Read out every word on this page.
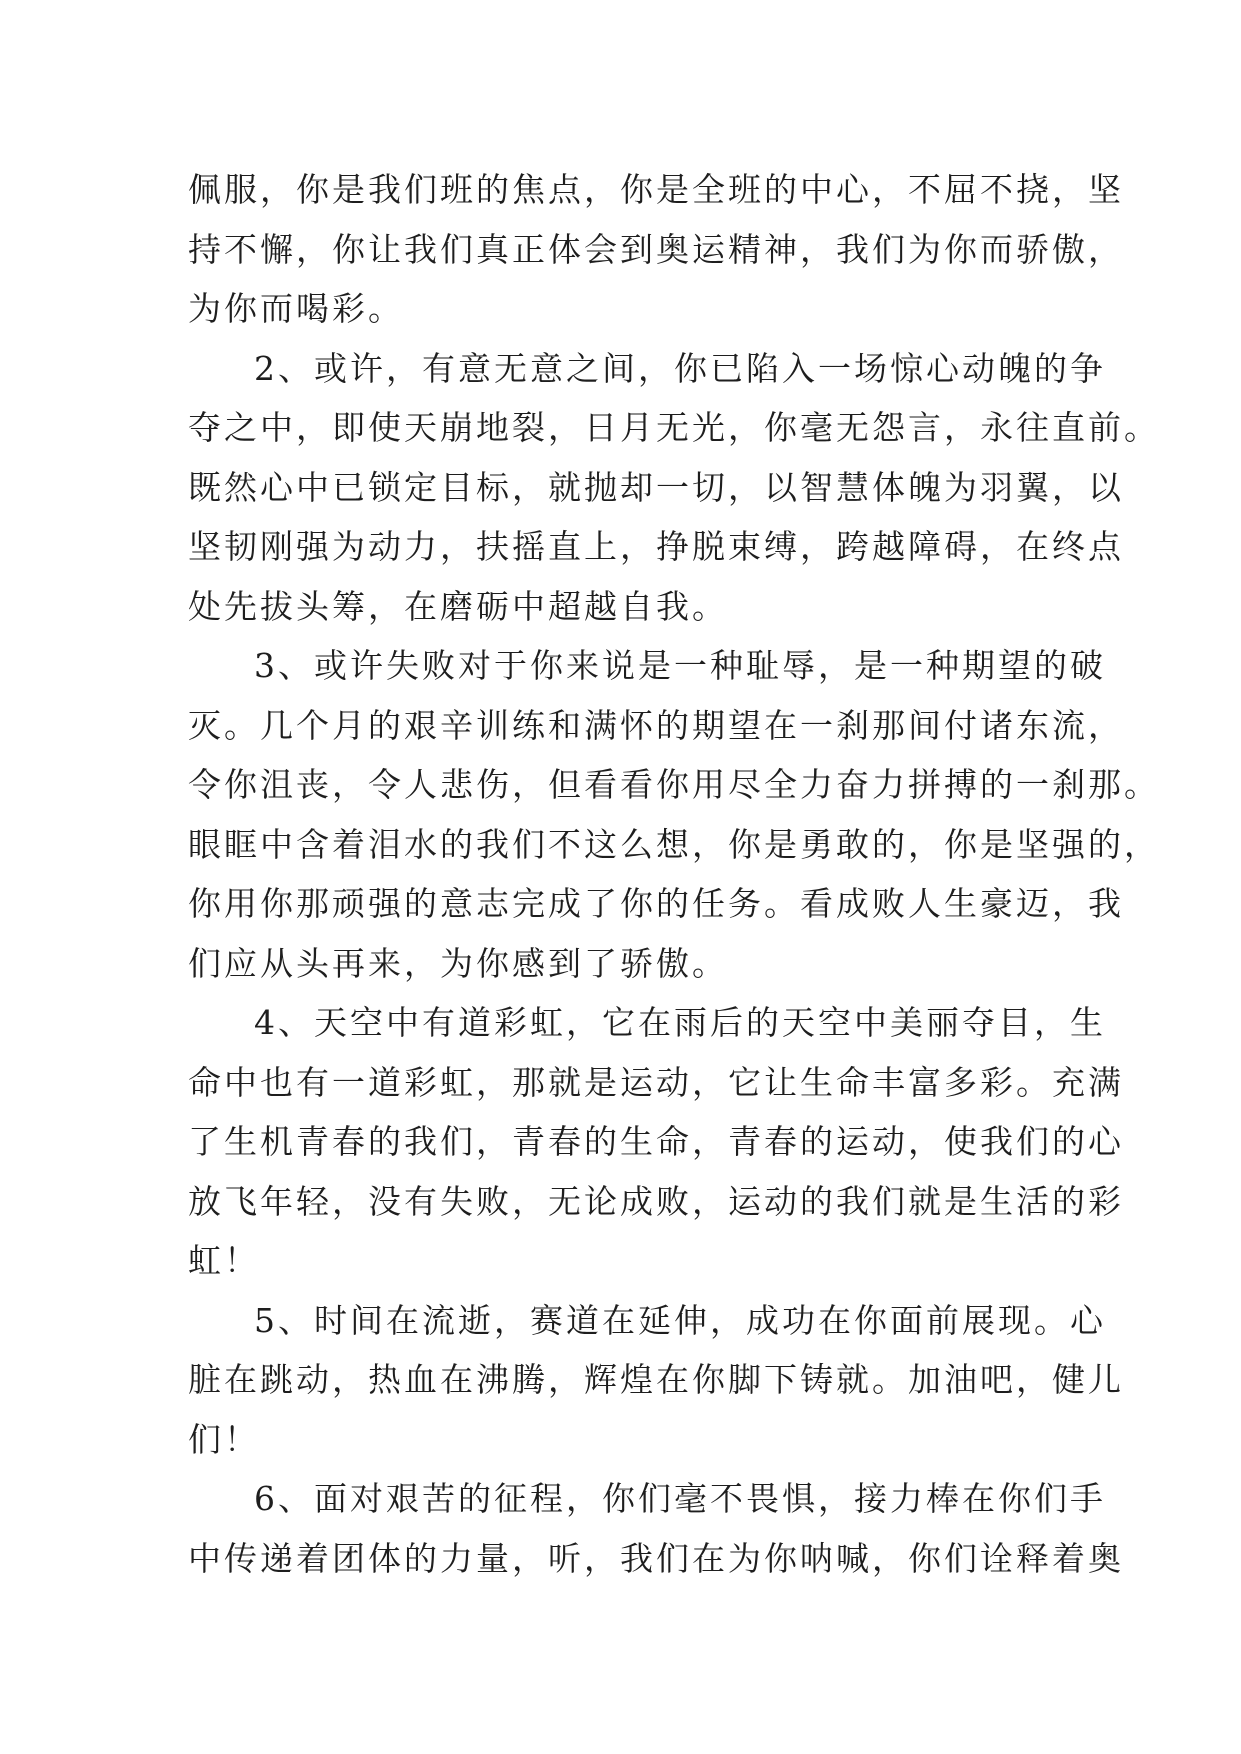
佩服，你是我们班的焦点，你是全班的中心，不屈不挠，坚
持不懈，你让我们真正体会到奥运精神，我们为你而骄傲，
为你而喝彩。
2、或许，有意无意之间，你已陷入一场惊心动魄的争
夺之中，即使天崩地裂，日月无光，你毫无怨言，永往直前。
既然心中已锁定目标，就抛却一切，以智慧体魄为羽翼，以
坚韧刚强为动力，扶摇直上，挣脱束缚，跨越障碍，在终点
处先拔头筹，在磨砺中超越自我。
3、或许失败对于你来说是一种耻辱，是一种期望的破
灭。几个月的艰辛训练和满怀的期望在一刹那间付诸东流，
令你沮丧，令人悲伤，但看看你用尽全力奋力拼搏的一刹那。
眼眶中含着泪水的我们不这么想，你是勇敢的，你是坚强的，
你用你那顽强的意志完成了你的任务。看成败人生豪迈，我
们应从头再来，为你感到了骄傲。
4、天空中有道彩虹，它在雨后的天空中美丽夺目，生
命中也有一道彩虹，那就是运动，它让生命丰富多彩。充满
了生机青春的我们，青春的生命，青春的运动，使我们的心
放飞年轻，没有失败，无论成败，运动的我们就是生活的彩
虹！
5、时间在流逝，赛道在延伸，成功在你面前展现。心
脏在跳动，热血在沸腾，辉煌在你脚下铸就。加油吧，健儿
们！
6、面对艰苦的征程，你们毫不畏惧，接力棒在你们手
中传递着团体的力量，听，我们在为你呐喊，你们诠释着奥
